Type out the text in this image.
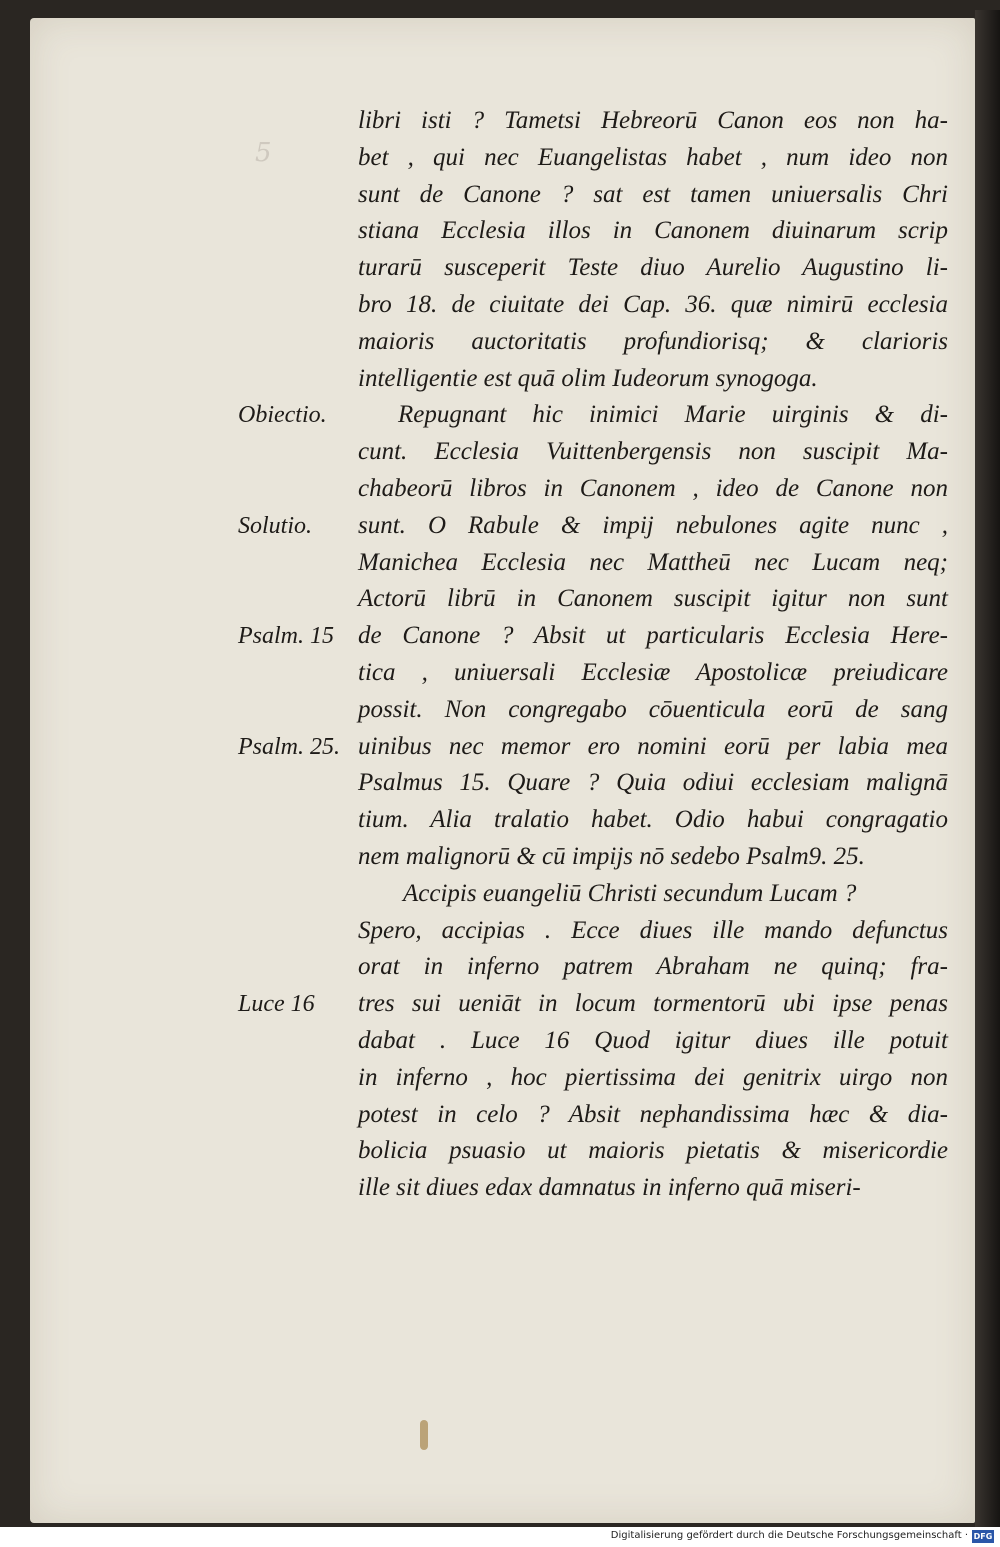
5
libri isti ? Tametsi Hebreorū Canon eos non ha-
bet , qui nec Euangelistas habet , num ideo non
sunt de Canone ? sat est tamen uniuersalis Chri
stiana Ecclesia illos in Canonem diuinarum scrip
turarū susceperit Teste diuo Aurelio Augustino li-
bro 18. de ciuitate dei Cap. 36. quæ nimirū ecclesia
maioris auctoritatis profundiorisq; & clarioris
intelligentie est quā olim Iudeorum synogoga.
Repugnant hic inimici Marie uirginis & di-
cunt. Ecclesia Vuittenbergensis non suscipit Ma-
chabeorū libros in Canonem , ideo de Canone non
sunt. O Rabule & impij nebulones agite nunc ,
Manichea Ecclesia nec Mattheū nec Lucam neq;
Actorū librū in Canonem suscipit igitur non sunt
de Canone ? Absit ut particularis Ecclesia Here-
tica , uniuersali Ecclesiæ Apostolicæ preiudicare
possit. Non congregabo cōuenticula eorū de sang
uinibus nec memor ero nomini eorū per labia mea
Psalmus 15. Quare ? Quia odiui ecclesiam malignā
tium. Alia tralatio habet. Odio habui congragatio
nem malignorū & cū impijs nō sedebo Psalm9. 25.
Accipis euangeliū Christi secundum Lucam ?
Spero, accipias . Ecce diues ille mando defunctus
orat in inferno patrem Abraham ne quinq; fra-
tres sui ueniāt in locum tormentorū ubi ipse penas
dabat . Luce 16 Quod igitur diues ille potuit
in inferno , hoc piertissima dei genitrix uirgo non
potest in celo ? Absit nephandissima hæc & dia-
bolicia psuasio ut maioris pietatis & misericordie
ille sit diues edax damnatus in inferno quā miseri-
Obiectio.
Solutio.
Psalm. 15
Psalm. 25.
Luce 16
Digitalisierung gefördert durch die Deutsche Forschungsgemeinschaft · DFG
